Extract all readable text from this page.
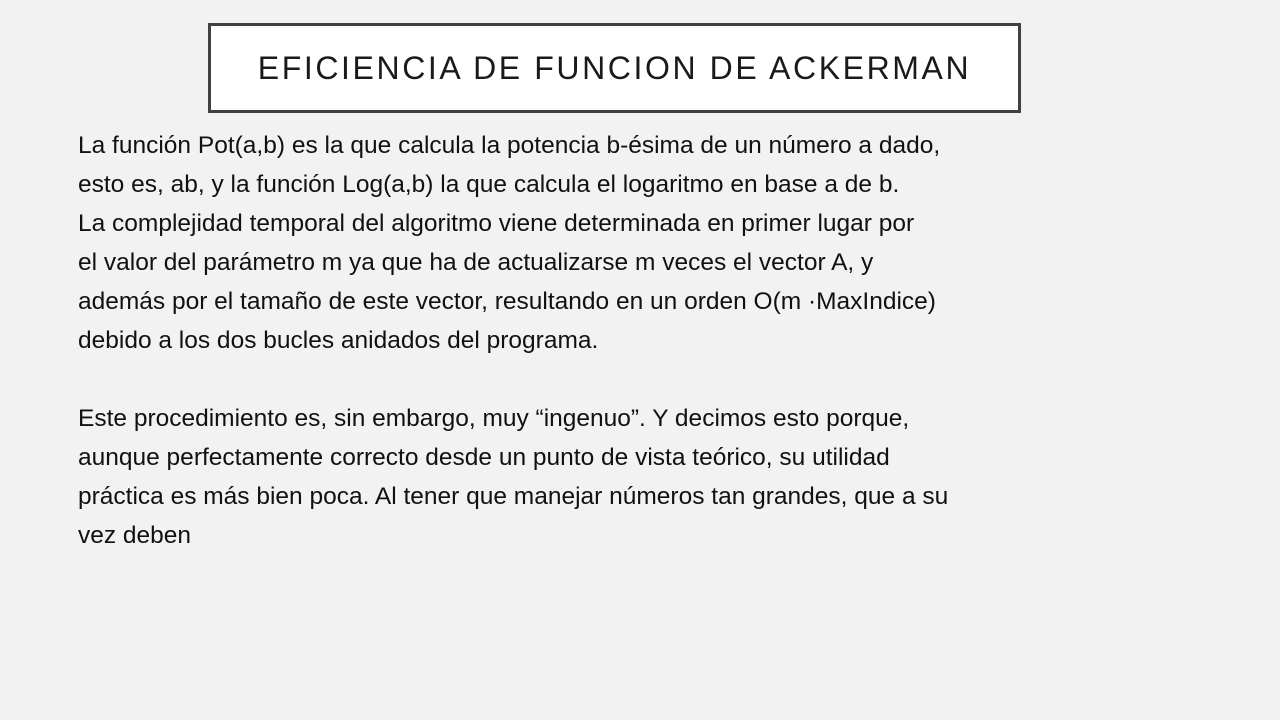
EFICIENCIA DE FUNCION DE ACKERMAN

La función Pot(a,b) es la que calcula la potencia b-ésima de un número a dado,

esto es, ab, y la función Log(a,b) la que calcula el logaritmo en base a de b.

La complejidad temporal del algoritmo viene determinada en primer lugar por

el valor del parámetro m ya que ha de actualizarse m veces el vector A, y

además por el tamaño de este vector, resultando en un orden O(m ·MaxIndice)

debido a los dos bucles anidados del programa.

Este procedimiento es, sin embargo, muy “ingenuo”. Y decimos esto porque,

aunque perfectamente correcto desde un punto de vista teórico, su utilidad

práctica es más bien poca. Al tener que manejar números tan grandes, que a su

vez deben
